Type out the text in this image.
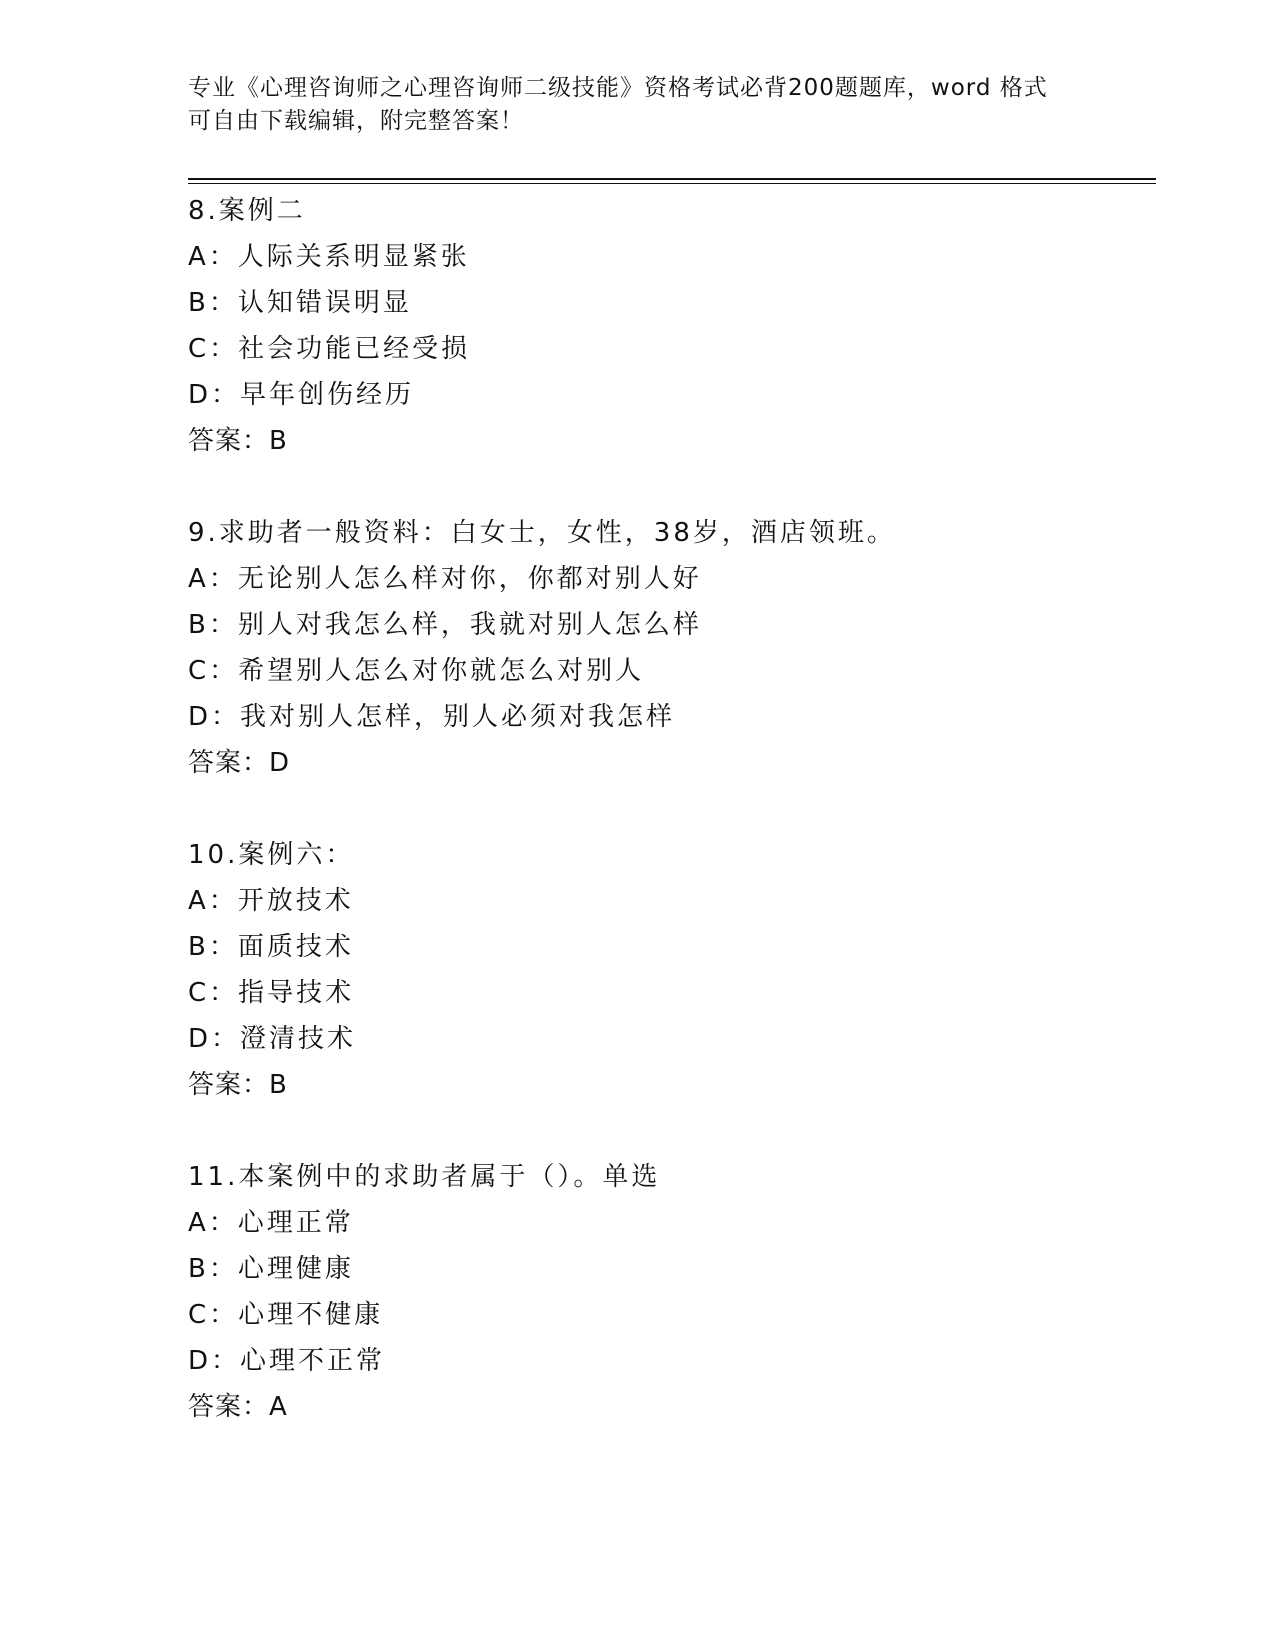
专业《心理咨询师之心理咨询师二级技能》资格考试必背200题题库，word 格式
可自由下载编辑，附完整答案！
8.案例二
A：人际关系明显紧张
B：认知错误明显
C：社会功能已经受损
D：早年创伤经历
答案：B
9.求助者一般资料：白女士，女性，38岁，酒店领班。
A：无论别人怎么样对你，你都对别人好
B：别人对我怎么样，我就对别人怎么样
C：希望别人怎么对你就怎么对别人
D：我对别人怎样，别人必须对我怎样
答案：D
10.案例六：
A：开放技术
B：面质技术
C：指导技术
D：澄清技术
答案：B
11.本案例中的求助者属于（）。单选
A：心理正常
B：心理健康
C：心理不健康
D：心理不正常
答案：A
